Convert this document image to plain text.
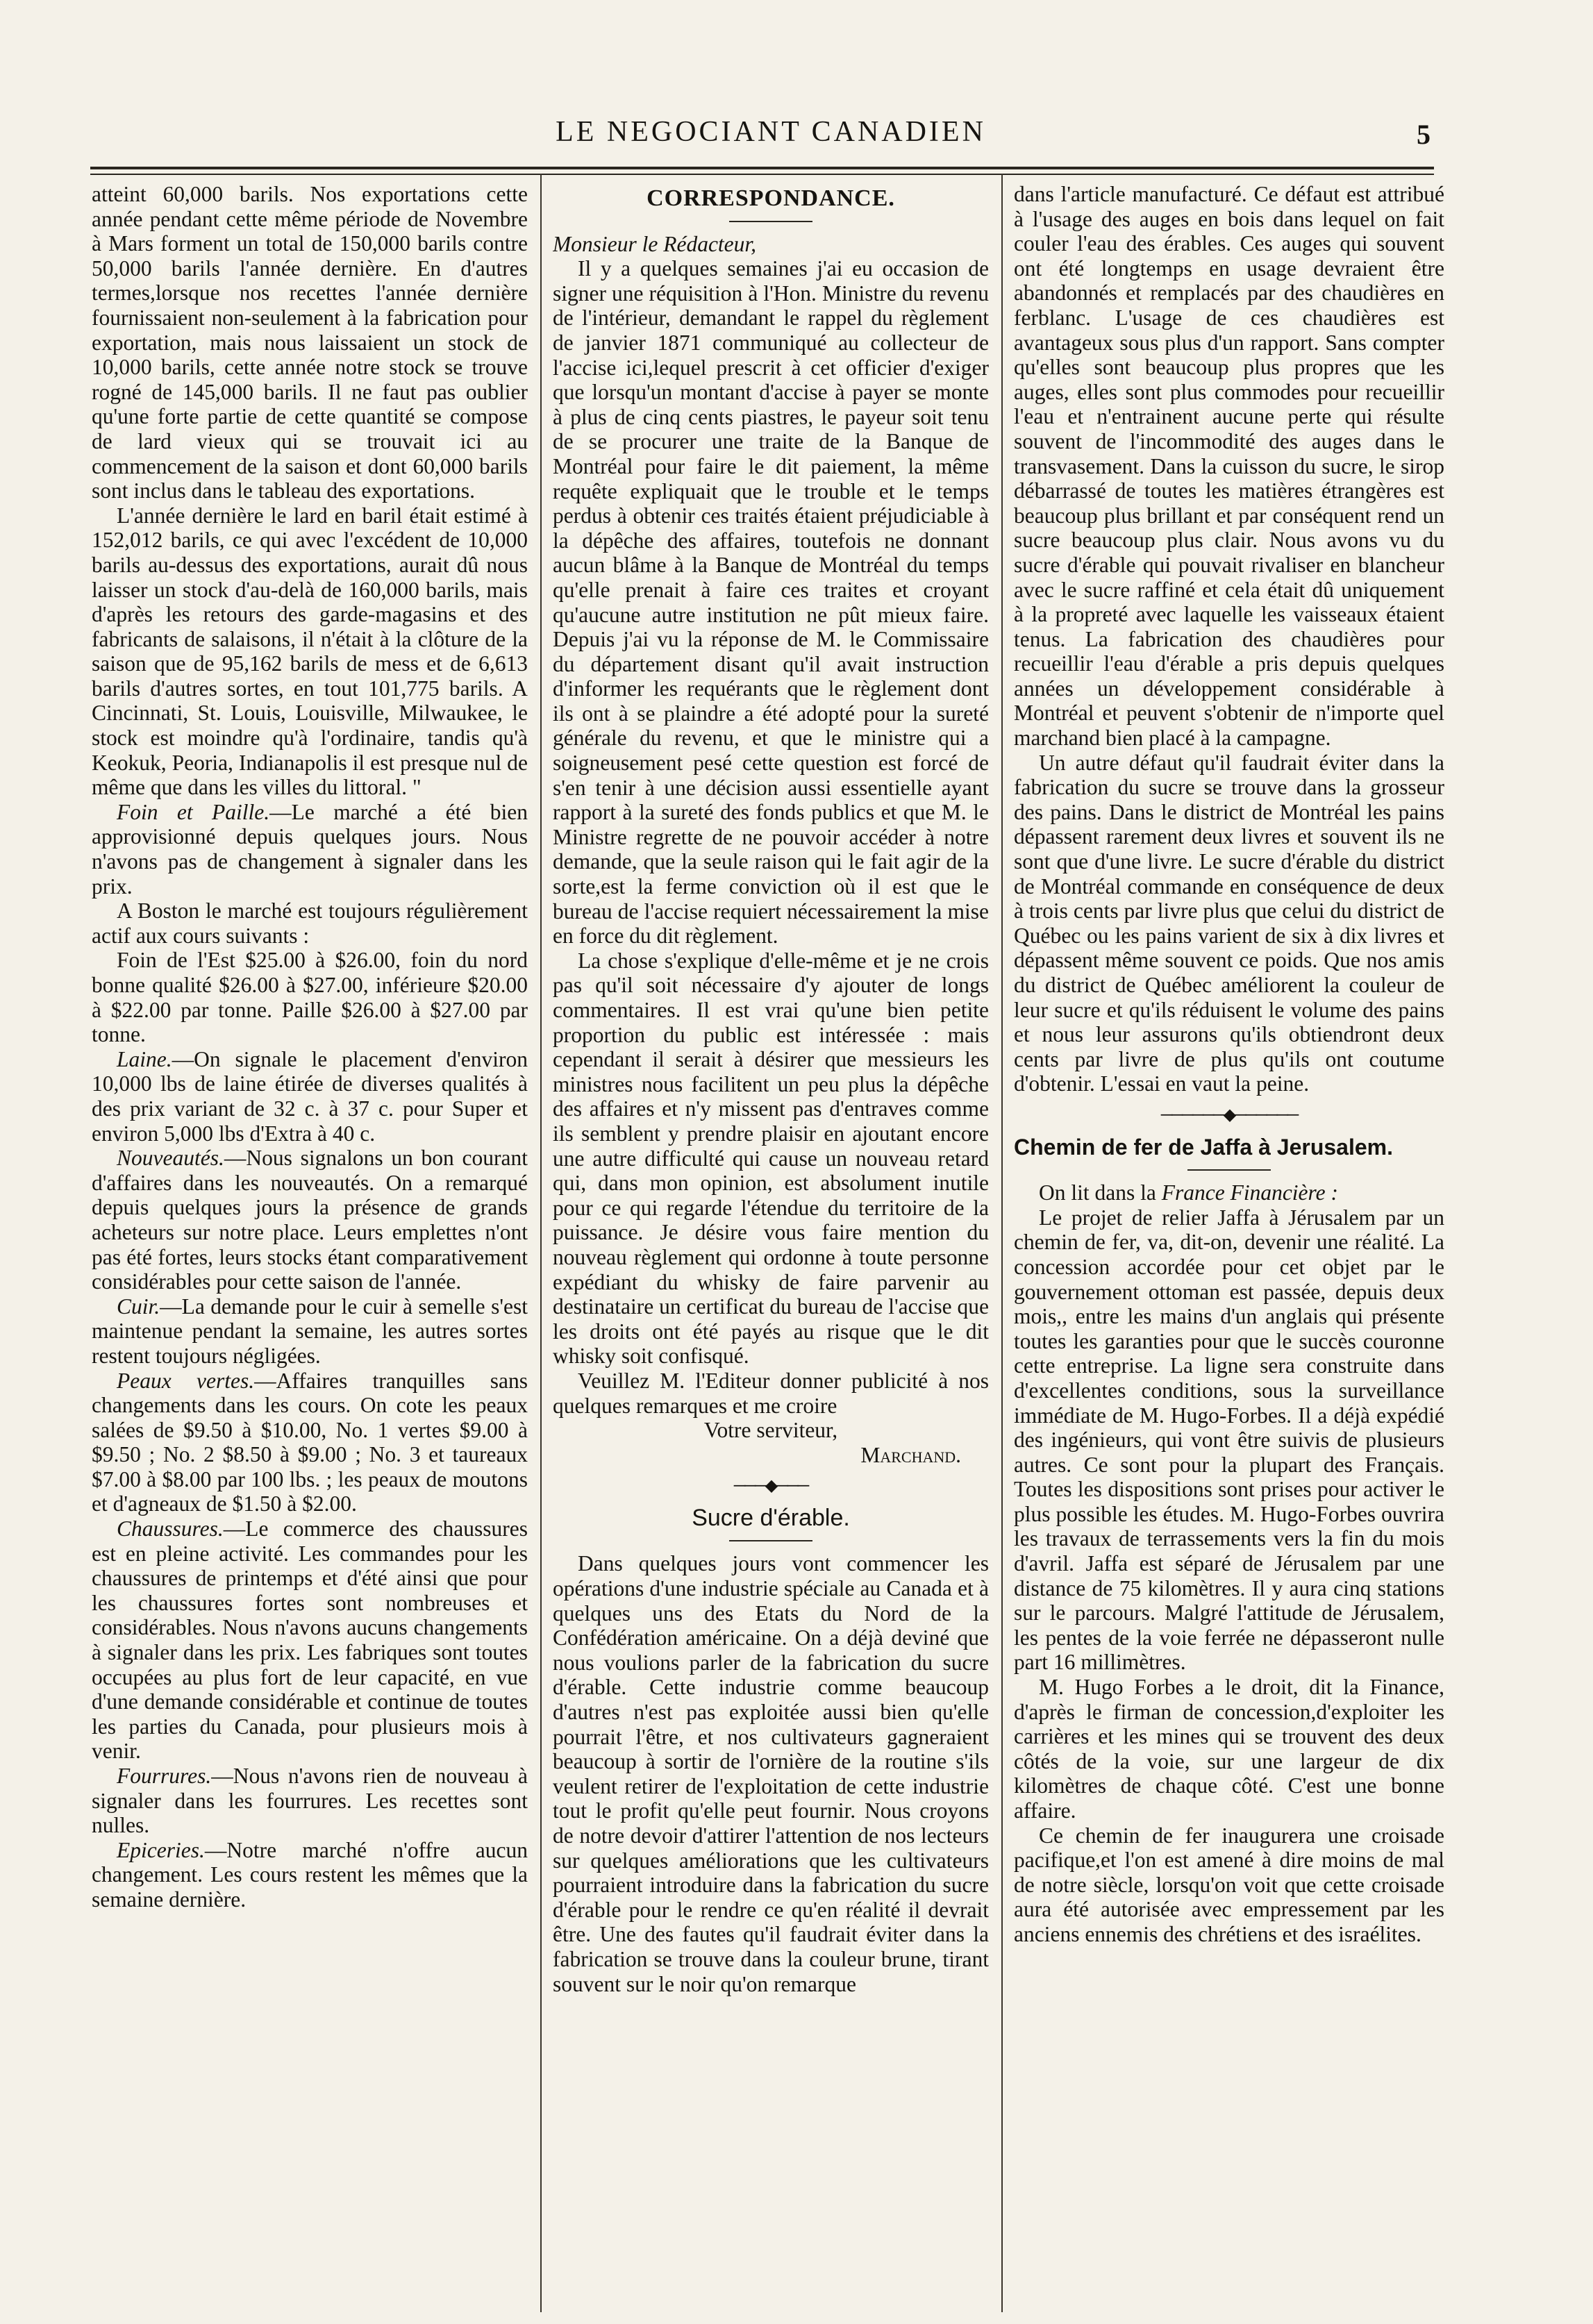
LE NEGOCIANT CANADIEN	5

atteint 60,000 barils. Nos exportations cette année pendant cette même période de Novembre à Mars forment un total de 150,000 barils contre 50,000 barils l'année dernière. En d'autres termes,lorsque nos recettes l'année dernière fournissaient non-seulement à la fabrication pour exportation, mais nous laissaient un stock de 10,000 barils, cette année notre stock se trouve rogné de 145,000 barils. Il ne faut pas oublier qu'une forte partie de cette quantité se compose de lard vieux qui se trouvait ici au commencement de la saison et dont 60,000 barils sont inclus dans le tableau des exportations.

L'année dernière le lard en baril était estimé à 152,012 barils, ce qui avec l'excédent de 10,000 barils au-dessus des exportations, aurait dû nous laisser un stock d'au-delà de 160,000 barils, mais d'après les retours des garde-magasins et des fabricants de salaisons, il n'était à la clôture de la saison que de 95,162 barils de mess et de 6,613 barils d'autres sortes, en tout 101,775 barils. A Cincinnati, St. Louis, Louisville, Milwaukee, le stock est moindre qu'à l'ordinaire, tandis qu'à Keokuk, Peoria, Indianapolis il est presque nul de même que dans les villes du littoral. "

Foin et Paille.—Le marché a été bien approvisionné depuis quelques jours. Nous n'avons pas de changement à signaler dans les prix.

A Boston le marché est toujours régulièrement actif aux cours suivants :

Foin de l'Est $25.00 à $26.00, foin du nord bonne qualité $26.00 à $27.00, inférieure $20.00 à $22.00 par tonne. Paille $26.00 à $27.00 par tonne.

Laine.—On signale le placement d'environ 10,000 lbs de laine étirée de diverses qualités à des prix variant de 32 c. à 37 c. pour Super et environ 5,000 lbs d'Extra à 40 c.

Nouveautés.—Nous signalons un bon courant d'affaires dans les nouveautés. On a remarqué depuis quelques jours la présence de grands acheteurs sur notre place. Leurs emplettes n'ont pas été fortes, leurs stocks étant comparativement considérables pour cette saison de l'année.

Cuir.—La demande pour le cuir à semelle s'est maintenue pendant la semaine, les autres sortes restent toujours négligées.

Peaux vertes.—Affaires tranquilles sans changements dans les cours. On cote les peaux salées de $9.50 à $10.00, No. 1 vertes $9.00 à $9.50 ; No. 2 $8.50 à $9.00 ; No. 3 et taureaux $7.00 à $8.00 par 100 lbs. ; les peaux de moutons et d'agneaux de $1.50 à $2.00.

Chaussures.—Le commerce des chaussures est en pleine activité. Les commandes pour les chaussures de printemps et d'été ainsi que pour les chaussures fortes sont nombreuses et considérables. Nous n'avons aucuns changements à signaler dans les prix. Les fabriques sont toutes occupées au plus fort de leur capacité, en vue d'une demande considérable et continue de toutes les parties du Canada, pour plusieurs mois à venir.

Fourrures.—Nous n'avons rien de nouveau à signaler dans les fourrures. Les recettes sont nulles.

Epiceries.—Notre marché n'offre aucun changement. Les cours restent les mêmes que la semaine dernière.

CORRESPONDANCE.

Monsieur le Rédacteur,

Il y a quelques semaines j'ai eu occasion de signer une réquisition à l'Hon. Ministre du revenu de l'intérieur, demandant le rappel du règlement de janvier 1871 communiqué au collecteur de l'accise ici,lequel prescrit à cet officier d'exiger que lorsqu'un montant d'accise à payer se monte à plus de cinq cents piastres, le payeur soit tenu de se procurer une traite de la Banque de Montréal pour faire le dit paiement, la même requête expliquait que le trouble et le temps perdus à obtenir ces traités étaient préjudiciable à la dépêche des affaires, toutefois ne donnant aucun blâme à la Banque de Montréal du temps qu'elle prenait à faire ces traites et croyant qu'aucune autre institution ne pût mieux faire. Depuis j'ai vu la réponse de M. le Commissaire du département disant qu'il avait instruction d'informer les requérants que le règlement dont ils ont à se plaindre a été adopté pour la sureté générale du revenu, et que le ministre qui a soigneusement pesé cette question est forcé de s'en tenir à une décision aussi essentielle ayant rapport à la sureté des fonds publics et que M. le Ministre regrette de ne pouvoir accéder à notre demande, que la seule raison qui le fait agir de la sorte,est la ferme conviction où il est que le bureau de l'accise requiert nécessairement la mise en force du dit règlement.

La chose s'explique d'elle-même et je ne crois pas qu'il soit nécessaire d'y ajouter de longs commentaires. Il est vrai qu'une bien petite proportion du public est intéressée : mais cependant il serait à désirer que messieurs les ministres nous facilitent un peu plus la dépêche des affaires et n'y missent pas d'entraves comme ils semblent y prendre plaisir en ajoutant encore une autre difficulté qui cause un nouveau retard qui, dans mon opinion, est absolument inutile pour ce qui regarde l'étendue du territoire de la puissance. Je désire vous faire mention du nouveau règlement qui ordonne à toute personne expédiant du whisky de faire parvenir au destinataire un certificat du bureau de l'accise que les droits ont été payés au risque que le dit whisky soit confisqué.

Veuillez M. l'Editeur donner publicité à nos quelques remarques et me croire

Votre serviteur,

Marchand.

───◆───
Sucre d'érable.

Dans quelques jours vont commencer les opérations d'une industrie spéciale au Canada et à quelques uns des Etats du Nord de la Confédération américaine. On a déjà deviné que nous voulions parler de la fabrication du sucre d'érable. Cette industrie comme beaucoup d'autres n'est pas exploitée aussi bien qu'elle pourrait l'être, et nos cultivateurs gagneraient beaucoup à sortir de l'ornière de la routine s'ils veulent retirer de l'exploitation de cette industrie tout le profit qu'elle peut fournir. Nous croyons de notre devoir d'attirer l'attention de nos lecteurs sur quelques améliorations que les cultivateurs pourraient introduire dans la fabrication du sucre d'érable pour le rendre ce qu'en réalité il devrait être. Une des fautes qu'il faudrait éviter dans la fabrication se trouve dans la couleur brune, tirant souvent sur le noir qu'on remarque

dans l'article manufacturé. Ce défaut est attribué à l'usage des auges en bois dans lequel on fait couler l'eau des érables. Ces auges qui souvent ont été longtemps en usage devraient être abandonnés et remplacés par des chaudières en ferblanc. L'usage de ces chaudières est avantageux sous plus d'un rapport. Sans compter qu'elles sont beaucoup plus propres que les auges, elles sont plus commodes pour recueillir l'eau et n'entrainent aucune perte qui résulte souvent de l'incommodité des auges dans le transvasement. Dans la cuisson du sucre, le sirop débarrassé de toutes les matières étrangères est beaucoup plus brillant et par conséquent rend un sucre beaucoup plus clair. Nous avons vu du sucre d'érable qui pouvait rivaliser en blancheur avec le sucre raffiné et cela était dû uniquement à la propreté avec laquelle les vaisseaux étaient tenus. La fabrication des chaudières pour recueillir l'eau d'érable a pris depuis quelques années un développement considérable à Montréal et peuvent s'obtenir de n'importe quel marchand bien placé à la campagne.

Un autre défaut qu'il faudrait éviter dans la fabrication du sucre se trouve dans la grosseur des pains. Dans le district de Montréal les pains dépassent rarement deux livres et souvent ils ne sont que d'une livre. Le sucre d'érable du district de Montréal commande en conséquence de deux à trois cents par livre plus que celui du district de Québec ou les pains varient de six à dix livres et dépassent même souvent ce poids. Que nos amis du district de Québec améliorent la couleur de leur sucre et qu'ils réduisent le volume des pains et nous leur assurons qu'ils obtiendront deux cents par livre de plus qu'ils ont coutume d'obtenir. L'essai en vaut la peine.

──────◆──────
Chemin de fer de Jaffa à Jerusalem.

On lit dans la France Financière :

Le projet de relier Jaffa à Jérusalem par un chemin de fer, va, dit-on, devenir une réalité. La concession accordée pour cet objet par le gouvernement ottoman est passée, depuis deux mois,, entre les mains d'un anglais qui présente toutes les garanties pour que le succès couronne cette entreprise. La ligne sera construite dans d'excellentes conditions, sous la surveillance immédiate de M. Hugo-Forbes. Il a déjà expédié des ingénieurs, qui vont être suivis de plusieurs autres. Ce sont pour la plupart des Français. Toutes les dispositions sont prises pour activer le plus possible les études. M. Hugo-Forbes ouvrira les travaux de terrassements vers la fin du mois d'avril. Jaffa est séparé de Jérusalem par une distance de 75 kilomètres. Il y aura cinq stations sur le parcours. Malgré l'attitude de Jérusalem, les pentes de la voie ferrée ne dépasseront nulle part 16 millimètres.

M. Hugo Forbes a le droit, dit la Finance, d'après le firman de concession,d'exploiter les carrières et les mines qui se trouvent des deux côtés de la voie, sur une largeur de dix kilomètres de chaque côté. C'est une bonne affaire.

Ce chemin de fer inaugurera une croisade pacifique,et l'on est amené à dire moins de mal de notre siècle, lorsqu'on voit que cette croisade aura été autorisée avec empressement par les anciens ennemis des chrétiens et des israélites.
